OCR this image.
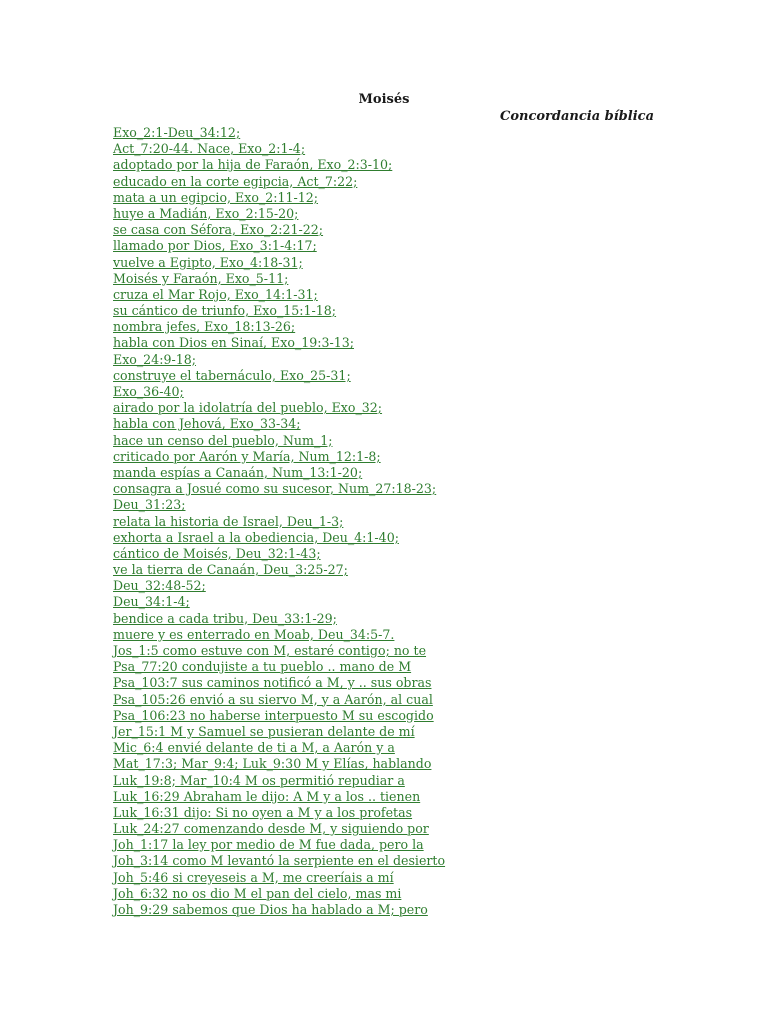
Moisés
Concordancia bíblica
Exo_2:1-Deu_34:12;
Act_7:20-44. Nace, Exo_2:1-4;
adoptado por la hija de Faraón, Exo_2:3-10;
educado en la corte egipcia, Act_7:22;
mata a un egipcio, Exo_2:11-12;
huye a Madián, Exo_2:15-20;
se casa con Séfora, Exo_2:21-22;
llamado por Dios, Exo_3:1-4:17;
vuelve a Egipto, Exo_4:18-31;
Moisés y Faraón, Exo_5-11;
cruza el Mar Rojo, Exo_14:1-31;
su cántico de triunfo, Exo_15:1-18;
nombra jefes, Exo_18:13-26;
habla con Dios en Sinaí, Exo_19:3-13;
Exo_24:9-18;
construye el tabernáculo, Exo_25-31;
Exo_36-40;
airado por la idolatría del pueblo, Exo_32;
habla con Jehová, Exo_33-34;
hace un censo del pueblo, Num_1;
criticado por Aarón y María, Num_12:1-8;
manda espías a Canaán, Num_13:1-20;
consagra a Josué como su sucesor, Num_27:18-23;
Deu_31:23;
relata la historia de Israel, Deu_1-3;
exhorta a Israel a la obediencia, Deu_4:1-40;
cántico de Moisés, Deu_32:1-43;
ve la tierra de Canaán, Deu_3:25-27;
Deu_32:48-52;
Deu_34:1-4;
bendice a cada tribu, Deu_33:1-29;
muere y es enterrado en Moab, Deu_34:5-7.
Jos_1:5 como estuve con M, estaré contigo; no te
Psa_77:20 condujiste a tu pueblo .. mano de M
Psa_103:7 sus caminos notificó a M, y .. sus obras
Psa_105:26 envió a su siervo M, y a Aarón, al cual
Psa_106:23 no haberse interpuesto M su escogido
Jer_15:1 M y Samuel se pusieran delante de mí
Mic_6:4 envié delante de ti a M, a Aarón y a
Mat_17:3; Mar_9:4; Luk_9:30 M y Elías, hablando
Luk_19:8; Mar_10:4 M os permitió repudiar a
Luk_16:29 Abraham le dijo: A M y a los .. tienen
Luk_16:31 dijo: Si no oyen a M y a los profetas
Luk_24:27 comenzando desde M, y siguiendo por
Joh_1:17 la ley por medio de M fue dada, pero la
Joh_3:14 como M levantó la serpiente en el desierto
Joh_5:46 si creyeseis a M, me creeríais a mí
Joh_6:32 no os dio M el pan del cielo, mas mi
Joh_9:29 sabemos que Dios ha hablado a M; pero
